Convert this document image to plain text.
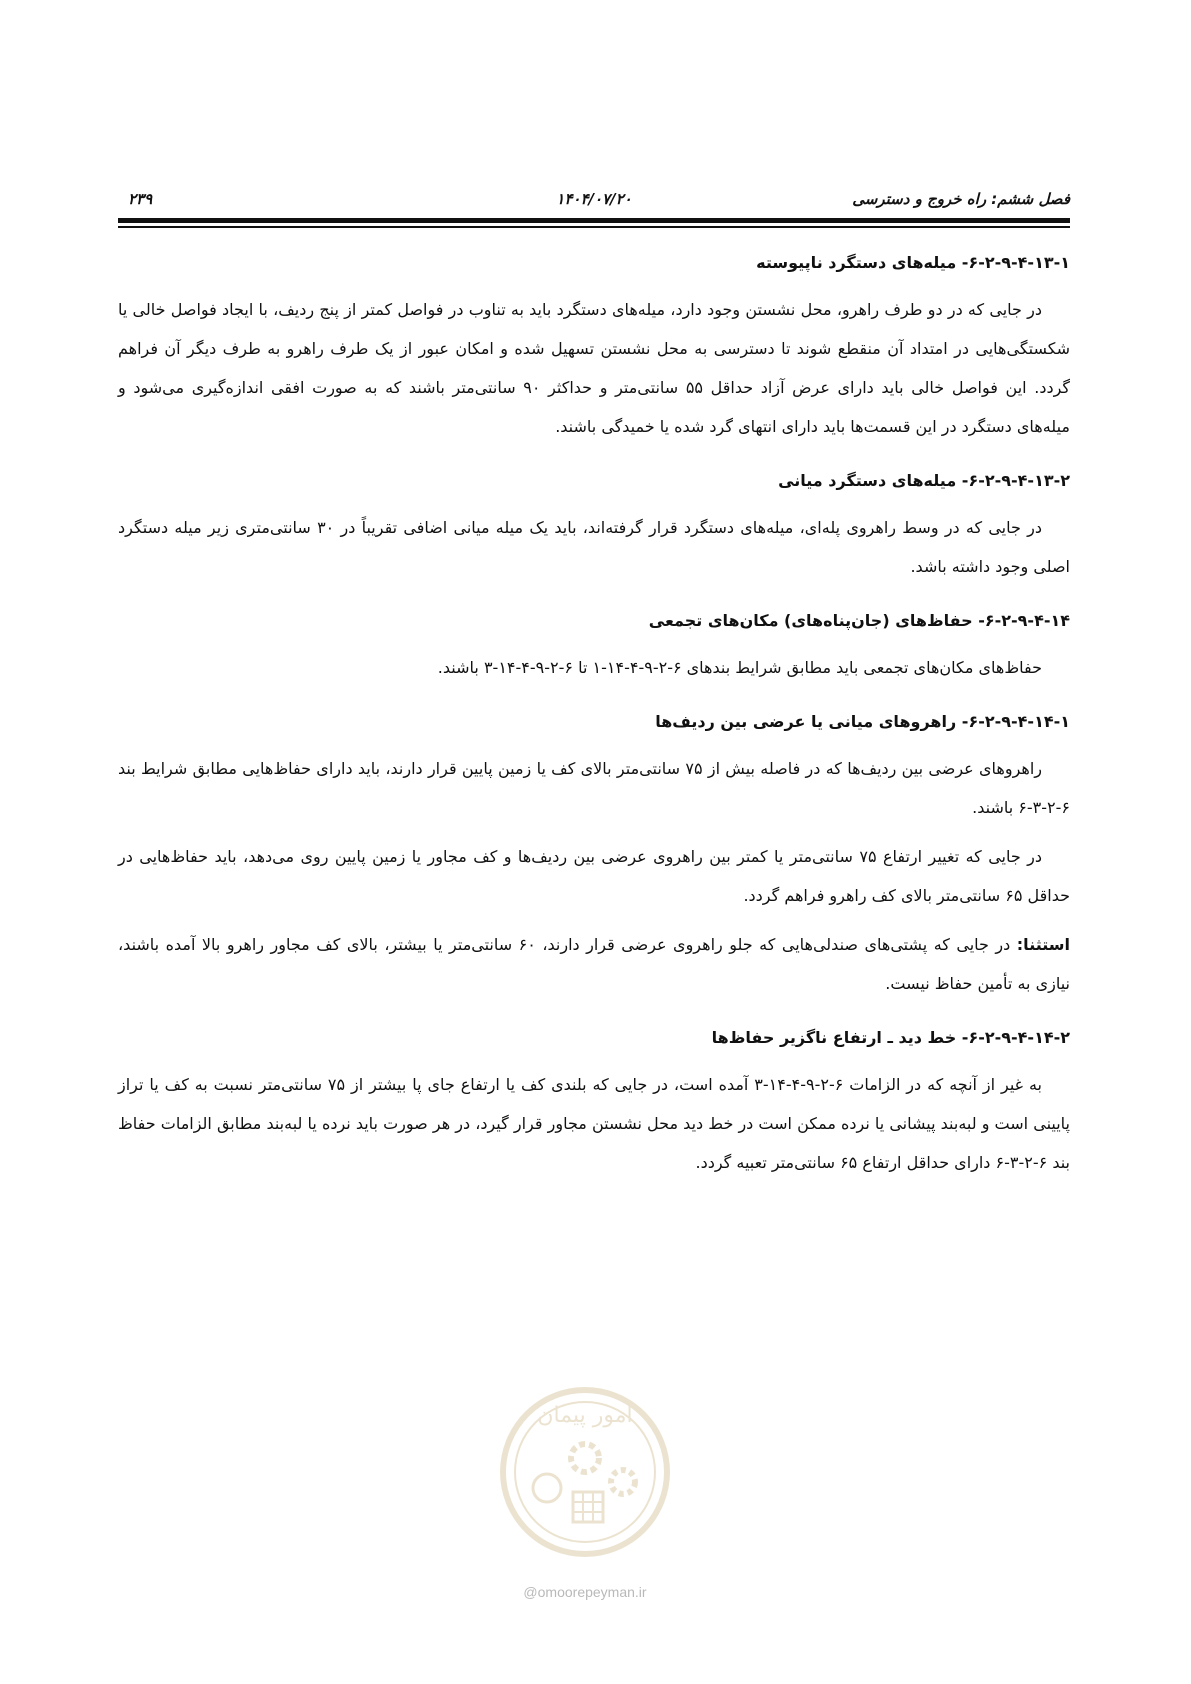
فصل ششم: راه خروج و دسترسی
۱۴۰۴/۰۷/۲۰
۲۳۹

۶-۲-۹-۴-۱۳-۱- میله‌های دستگرد ناپیوسته

در جایی که در دو طرف راهرو، محل نشستن وجود دارد، میله‌های دستگرد باید به تناوب در فواصل کمتر از پنج ردیف، با ایجاد فواصل خالی یا شکستگی‌هایی در امتداد آن منقطع شوند تا دسترسی به محل نشستن تسهیل شده و امکان عبور از یک طرف راهرو به طرف دیگر آن فراهم گردد. این فواصل خالی باید دارای عرض آزاد حداقل ۵۵ سانتی‌متر و حداکثر ۹۰ سانتی‌متر باشند که به صورت افقی اندازه‌گیری می‌شود و میله‌های دستگرد در این قسمت‌ها باید دارای انتهای گرد شده یا خمیدگی باشند.

۶-۲-۹-۴-۱۳-۲- میله‌های دستگرد میانی

در جایی که در وسط راهروی پله‌ای، میله‌های دستگرد قرار گرفته‌اند، باید یک میله میانی اضافی تقریباً در ۳۰ سانتی‌متری زیر میله دستگرد اصلی وجود داشته باشد.

۶-۲-۹-۴-۱۴- حفاظ‌های (جان‌پناه‌های) مکان‌های تجمعی

حفاظ‌های مکان‌های تجمعی باید مطابق شرایط بندهای ۶-۲-۹-۴-۱۴-۱ تا ۶-۲-۹-۴-۱۴-۳ باشند.

۶-۲-۹-۴-۱۴-۱- راهروهای میانی یا عرضی بین ردیف‌ها

راهروهای عرضی بین ردیف‌ها که در فاصله بیش از ۷۵ سانتی‌متر بالای کف یا زمین پایین قرار دارند، باید دارای حفاظ‌هایی مطابق شرایط بند ۶-۲-۳-۶ باشند.

در جایی که تغییر ارتفاع ۷۵ سانتی‌متر یا کمتر بین راهروی عرضی بین ردیف‌ها و کف مجاور یا زمین پایین روی می‌دهد، باید حفاظ‌هایی در حداقل ۶۵ سانتی‌متر بالای کف راهرو فراهم گردد.

استثنا: در جایی که پشتی‌های صندلی‌هایی که جلو راهروی عرضی قرار دارند، ۶۰ سانتی‌متر یا بیشتر، بالای کف مجاور راهرو بالا آمده باشند، نیازی به تأمین حفاظ نیست.

۶-۲-۹-۴-۱۴-۲- خط دید ـ ارتفاع ناگزیر حفاظ‌ها

به غیر از آنچه که در الزامات ۶-۲-۹-۴-۱۴-۳ آمده است، در جایی که بلندی کف یا ارتفاع جای پا بیشتر از ۷۵ سانتی‌متر نسبت به کف یا تراز پایینی است و لبه‌بند پیشانی یا نرده ممکن است در خط دید محل نشستن مجاور قرار گیرد، در هر صورت باید نرده یا لبه‌بند مطابق الزامات حفاظ بند ۶-۲-۳-۶ دارای حداقل ارتفاع ۶۵ سانتی‌متر تعبیه گردد.

امور پیمان
@omoorepeyman.ir
